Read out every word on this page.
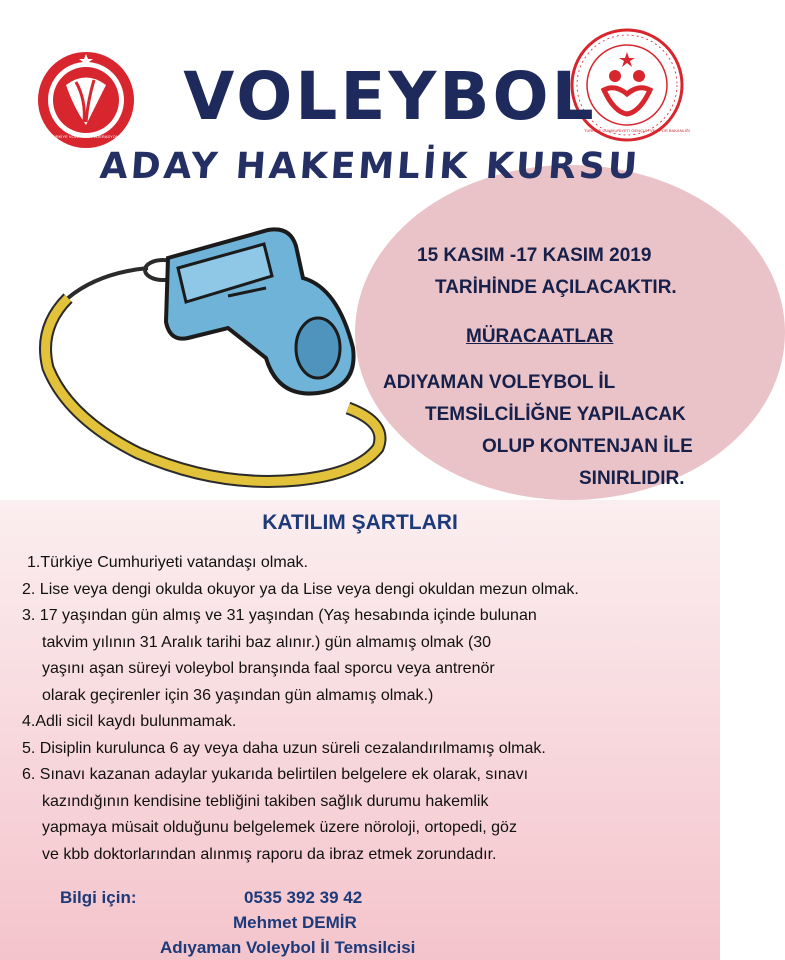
TÜRKİYE VOLEYBOL FEDERASYONU
TÜRKİYE CUMHURİYETİ GENÇLİK VE SPOR BAKANLIĞI
VOLEYBOL
ADAY HAKEMLİK KURSU
15 KASIM -17 KASIM 2019
TARİHİNDE AÇILACAKTIR.
MÜRACAATLAR
ADIYAMAN VOLEYBOL İL
TEMSİLCİLİĞNE YAPILACAK
OLUP KONTENJAN İLE
SINIRLIDIR.
KATILIM ŞARTLARI
1.Türkiye Cumhuriyeti vatandaşı olmak.
2. Lise veya dengi okulda okuyor ya da Lise veya dengi okuldan mezun olmak.
3. 17 yaşından gün almış ve 31 yaşından (Yaş hesabında içinde bulunan
takvim yılının 31 Aralık tarihi baz alınır.) gün almamış olmak (30
yaşını aşan süreyi voleybol branşında faal sporcu veya antrenör
olarak geçirenler için 36 yaşından gün almamış olmak.)
4.Adli sicil kaydı bulunmamak.
5. Disiplin kurulunca 6 ay veya daha uzun süreli cezalandırılmamış olmak.
6. Sınavı kazanan adaylar yukarıda belirtilen belgelere ek olarak, sınavı
kazındığının kendisine tebliğini takiben sağlık durumu hakemlik
yapmaya müsait olduğunu belgelemek üzere nöroloji, ortopedi, göz
ve kbb doktorlarından alınmış raporu da ibraz etmek zorundadır.
Bilgi için:	0535 392 39 42
Mehmet DEMİR
Adıyaman Voleybol İl Temsilcisi
